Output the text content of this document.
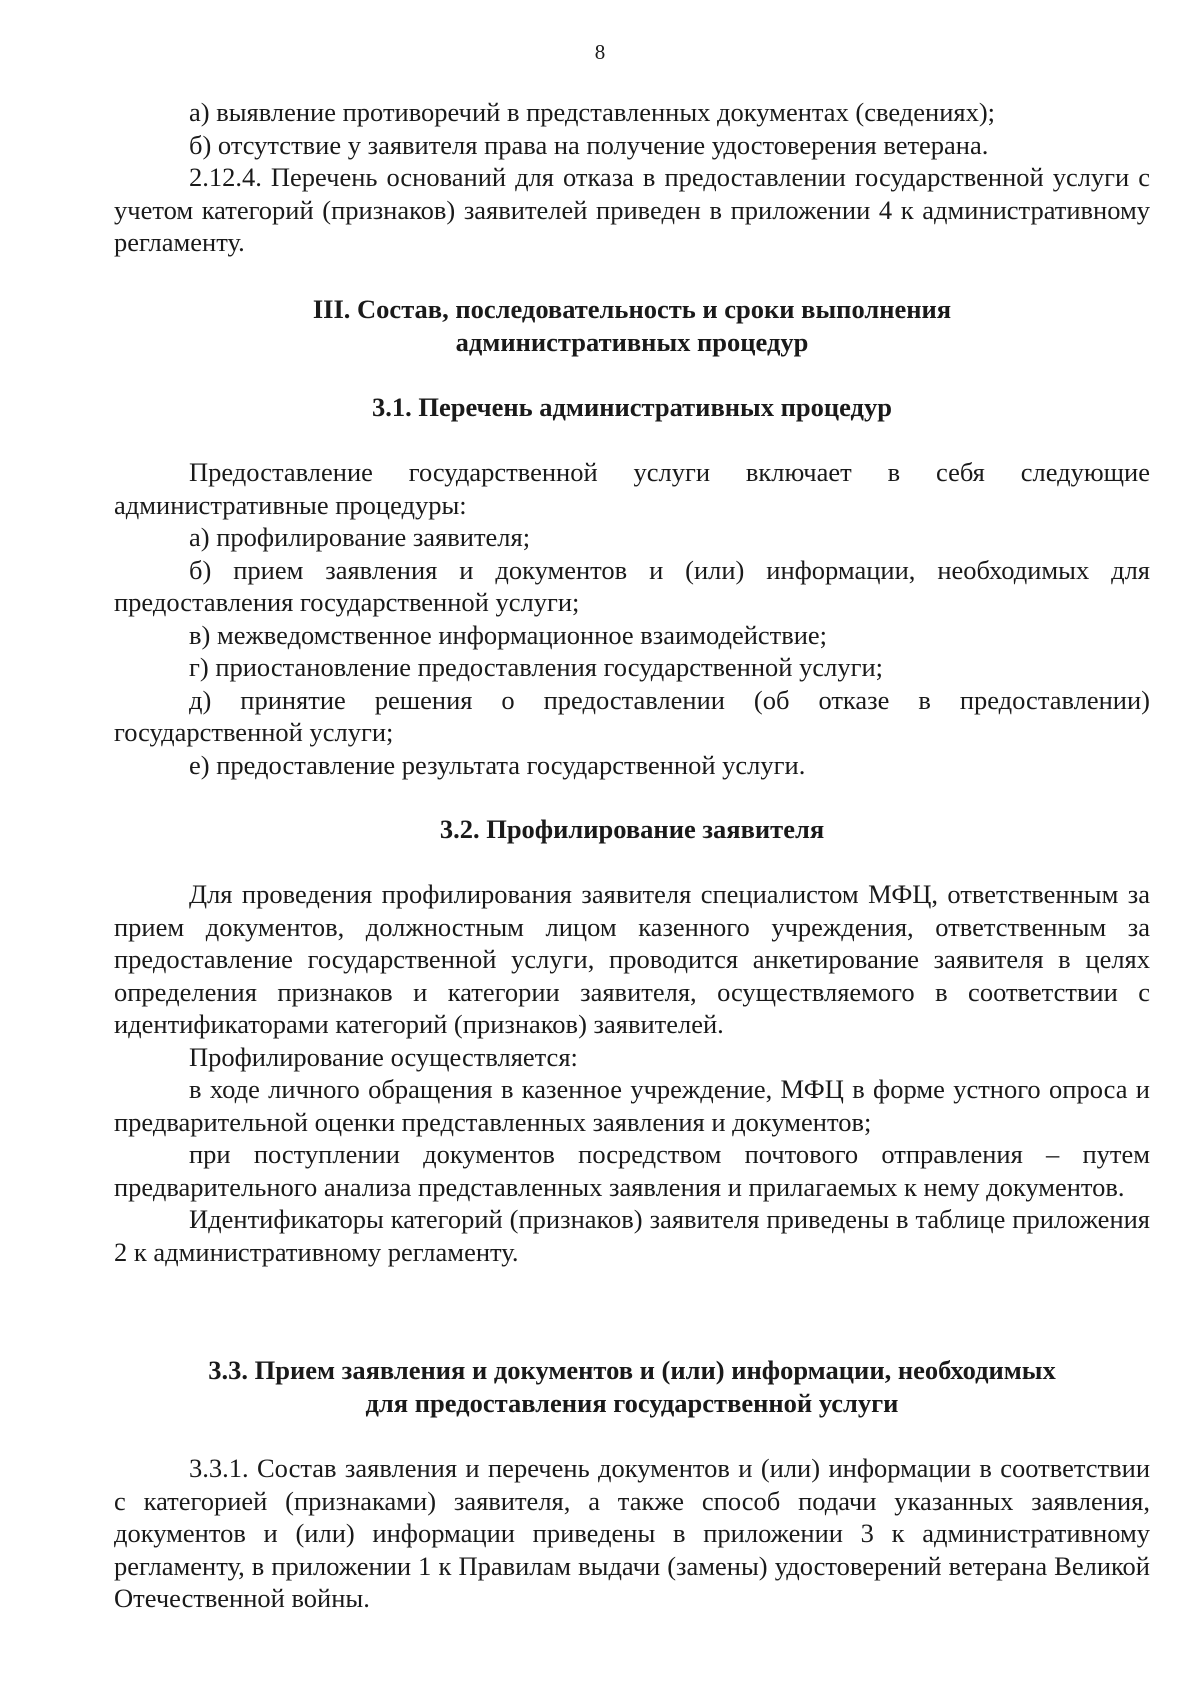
8

а) выявление противоречий в представленных документах (сведениях);

б) отсутствие у заявителя права на получение удостоверения ветерана.

2.12.4. Перечень оснований для отказа в предоставлении государственной услуги с учетом категорий (признаков) заявителей приведен в приложении 4 к административному регламенту.

III. Состав, последовательность и сроки выполнения

административных процедур

3.1. Перечень административных процедур

Предоставление государственной услуги включает в себя следующие административные процедуры:

а) профилирование заявителя;

б) прием заявления и документов и (или) информации, необходимых для предоставления государственной услуги;

в) межведомственное информационное взаимодействие;

г) приостановление предоставления государственной услуги;

д) принятие решения о предоставлении (об отказе в предоставлении) государственной услуги;

е) предоставление результата государственной услуги.

3.2. Профилирование заявителя

Для проведения профилирования заявителя специалистом МФЦ, ответственным за прием документов, должностным лицом казенного учреждения, ответственным за предоставление государственной услуги, проводится анкетирование заявителя в целях определения признаков и категории заявителя, осуществляемого в соответствии с идентификаторами категорий (признаков) заявителей.

Профилирование осуществляется:

в ходе личного обращения в казенное учреждение, МФЦ в форме устного опроса и предварительной оценки представленных заявления и документов;

при поступлении документов посредством почтового отправления – путем предварительного анализа представленных заявления и прилагаемых к нему документов.

Идентификаторы категорий (признаков) заявителя приведены в таблице приложения 2 к административному регламенту.

3.3. Прием заявления и документов и (или) информации, необходимых

для предоставления государственной услуги

3.3.1. Состав заявления и перечень документов и (или) информации в соответствии с категорией (признаками) заявителя, а также способ подачи указанных заявления, документов и (или) информации приведены в приложении 3 к административному регламенту, в приложении 1 к Правилам выдачи (замены) удостоверений ветерана Великой Отечественной войны.
